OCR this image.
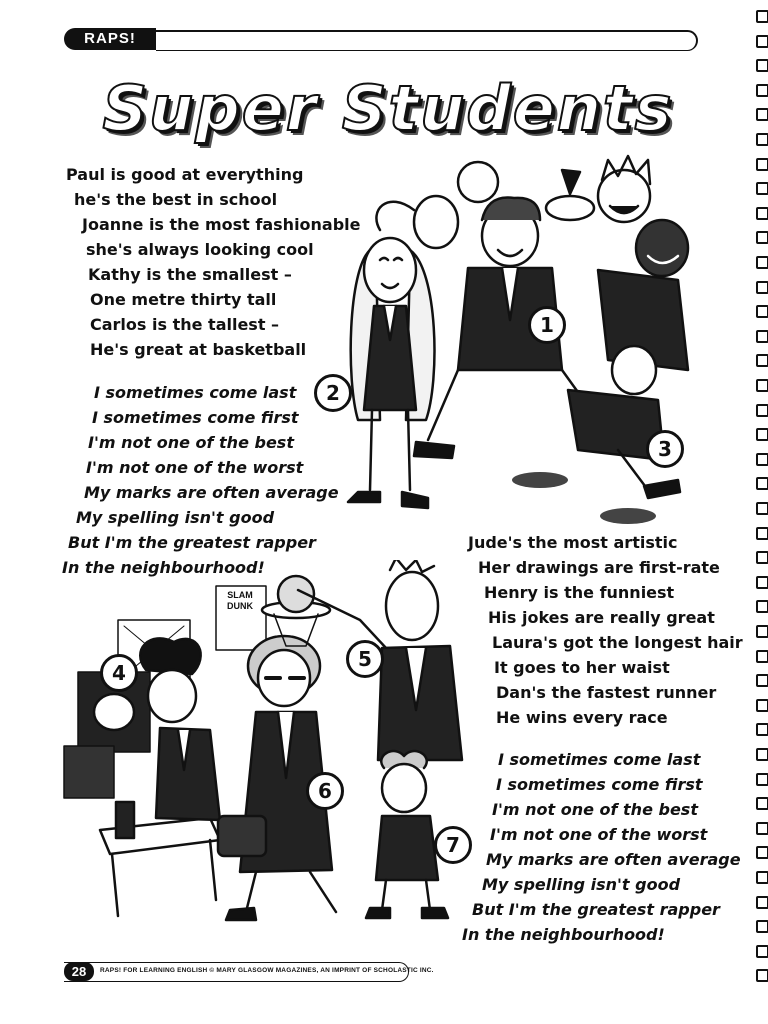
RAPS!
Super Students
Paul is good at everything
he's the best in school
Joanne is the most fashionable
she's always looking cool
Kathy is the smallest –
One metre thirty tall
Carlos is the tallest –
He's great at basketball
I sometimes come last
I sometimes come first
I'm not one of the best
I'm not one of the worst
My marks are often average
My spelling isn't good
But I'm the greatest rapper
In the neighbourhood!
Jude's the most artistic
Her drawings are first-rate
Henry is the funniest
His jokes are really great
Laura's got the longest hair
It goes to her waist
Dan's the fastest runner
He wins every race
I sometimes come last
I sometimes come first
I'm not one of the best
I'm not one of the worst
My marks are often average
My spelling isn't good
But I'm the greatest rapper
In the neighbourhood!
SLAM
DUNK
1
2
3
4
5
6
7
28	RAPS! FOR LEARNING ENGLISH © MARY GLASGOW MAGAZINES, AN IMPRINT OF SCHOLASTIC INC.
